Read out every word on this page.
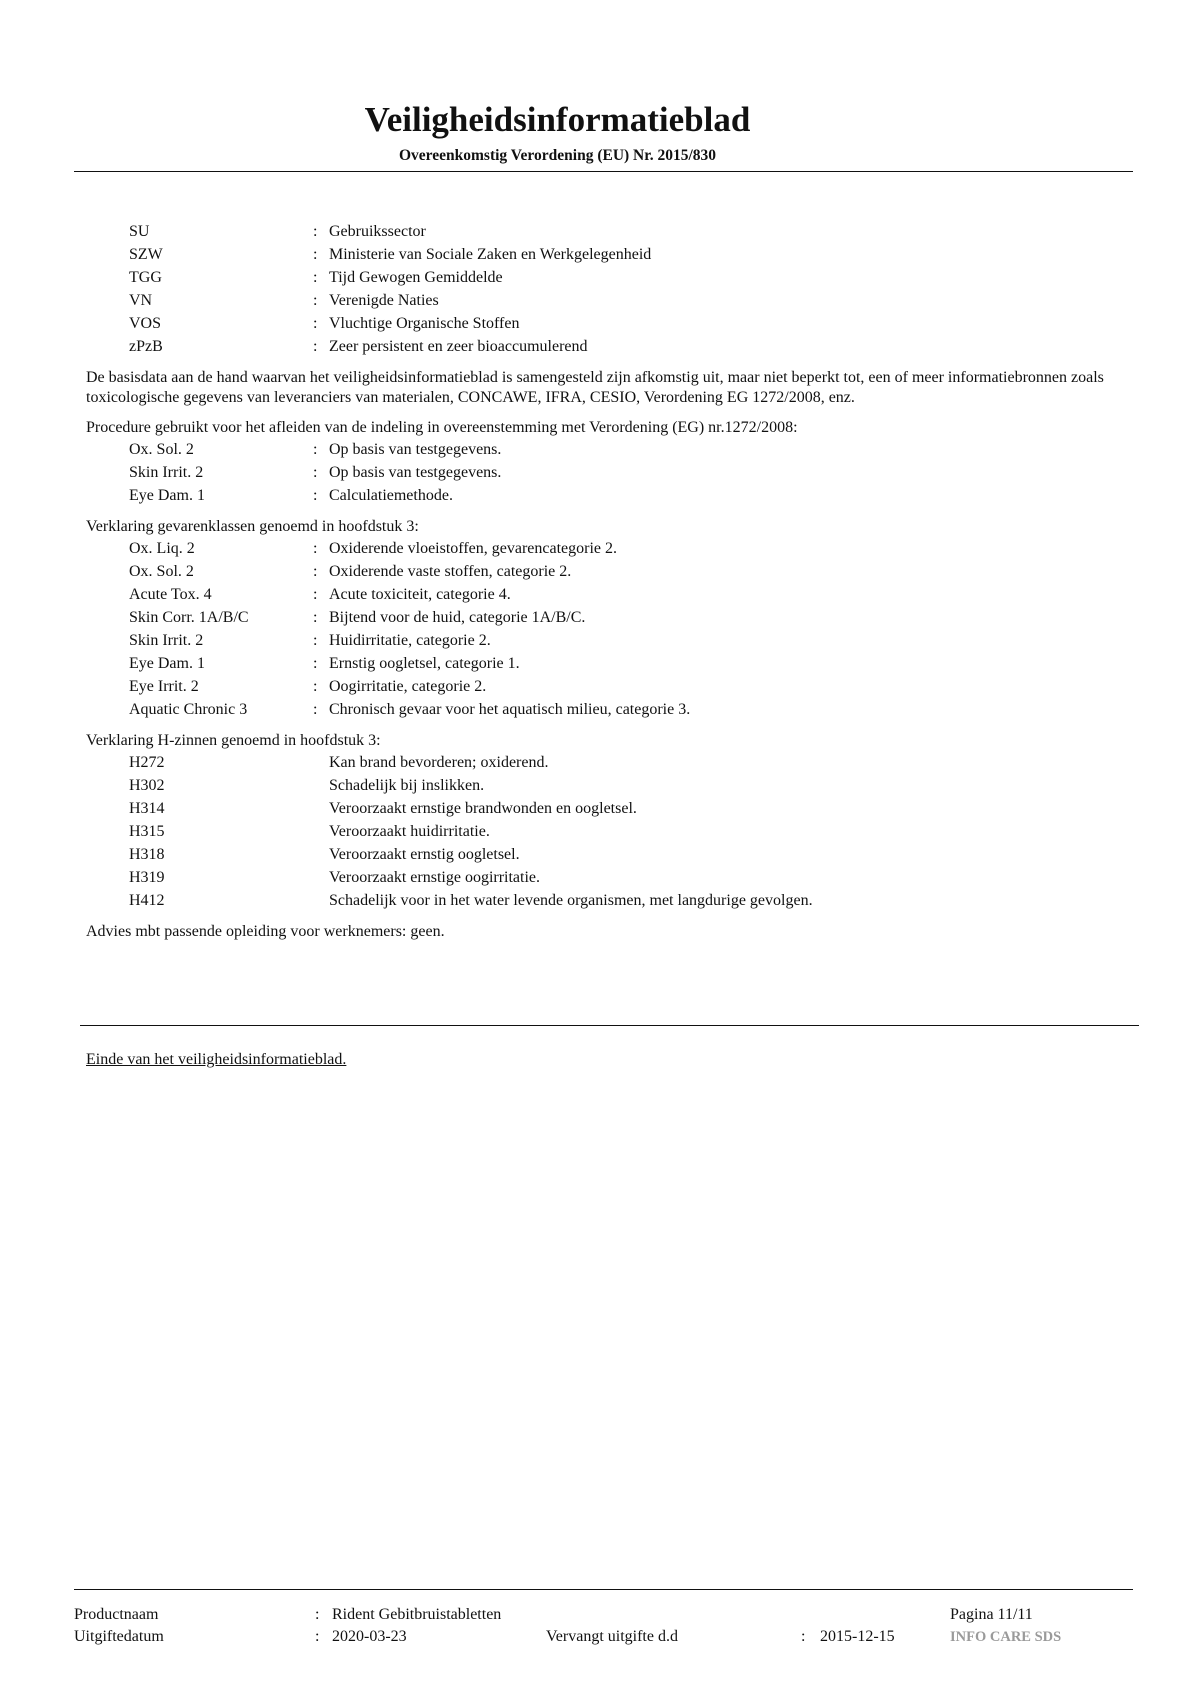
Veiligheidsinformatieblad
Overeenkomstig Verordening (EU) Nr. 2015/830
SU	: Gebruikssector
SZW	: Ministerie van Sociale Zaken en Werkgelegenheid
TGG	: Tijd Gewogen Gemiddelde
VN	: Verenigde Naties
VOS	: Vluchtige Organische Stoffen
zPzB	: Zeer persistent en zeer bioaccumulerend

De basisdata aan de hand waarvan het veiligheidsinformatieblad is samengesteld zijn afkomstig uit, maar niet beperkt tot, een of meer informatiebronnen zoals toxicologische gegevens van leveranciers van materialen, CONCAWE, IFRA, CESIO, Verordening EG 1272/2008, enz.

Procedure gebruikt voor het afleiden van de indeling in overeenstemming met Verordening (EG) nr.1272/2008:
Ox. Sol. 2	: Op basis van testgegevens.
Skin Irrit. 2	: Op basis van testgegevens.
Eye Dam. 1	: Calculatiemethode.
Verklaring gevarenklassen genoemd in hoofdstuk 3:
Ox. Liq. 2	: Oxiderende vloeistoffen, gevarencategorie 2.
Ox. Sol. 2	: Oxiderende vaste stoffen, categorie 2.
Acute Tox. 4	: Acute toxiciteit, categorie 4.
Skin Corr. 1A/B/C	: Bijtend voor de huid, categorie 1A/B/C.
Skin Irrit. 2	: Huidirritatie, categorie 2.
Eye Dam. 1	: Ernstig oogletsel, categorie 1.
Eye Irrit. 2	: Oogirritatie, categorie 2.
Aquatic Chronic 3	: Chronisch gevaar voor het aquatisch milieu, categorie 3.
Verklaring H-zinnen genoemd in hoofdstuk 3:
H272	Kan brand bevorderen; oxiderend.
H302	Schadelijk bij inslikken.
H314	Veroorzaakt ernstige brandwonden en oogletsel.
H315	Veroorzaakt huidirritatie.
H318	Veroorzaakt ernstig oogletsel.
H319	Veroorzaakt ernstige oogirritatie.
H412	Schadelijk voor in het water levende organismen, met langdurige gevolgen.
Advies mbt passende opleiding voor werknemers: geen.
Einde van het veiligheidsinformatieblad.
Productnaam	: Rident Gebitbruistabletten	Pagina 11/11
Uitgiftedatum	: 2020-03-23	Vervangt uitgifte d.d	: 2015-12-15	INFO CARE SDS
